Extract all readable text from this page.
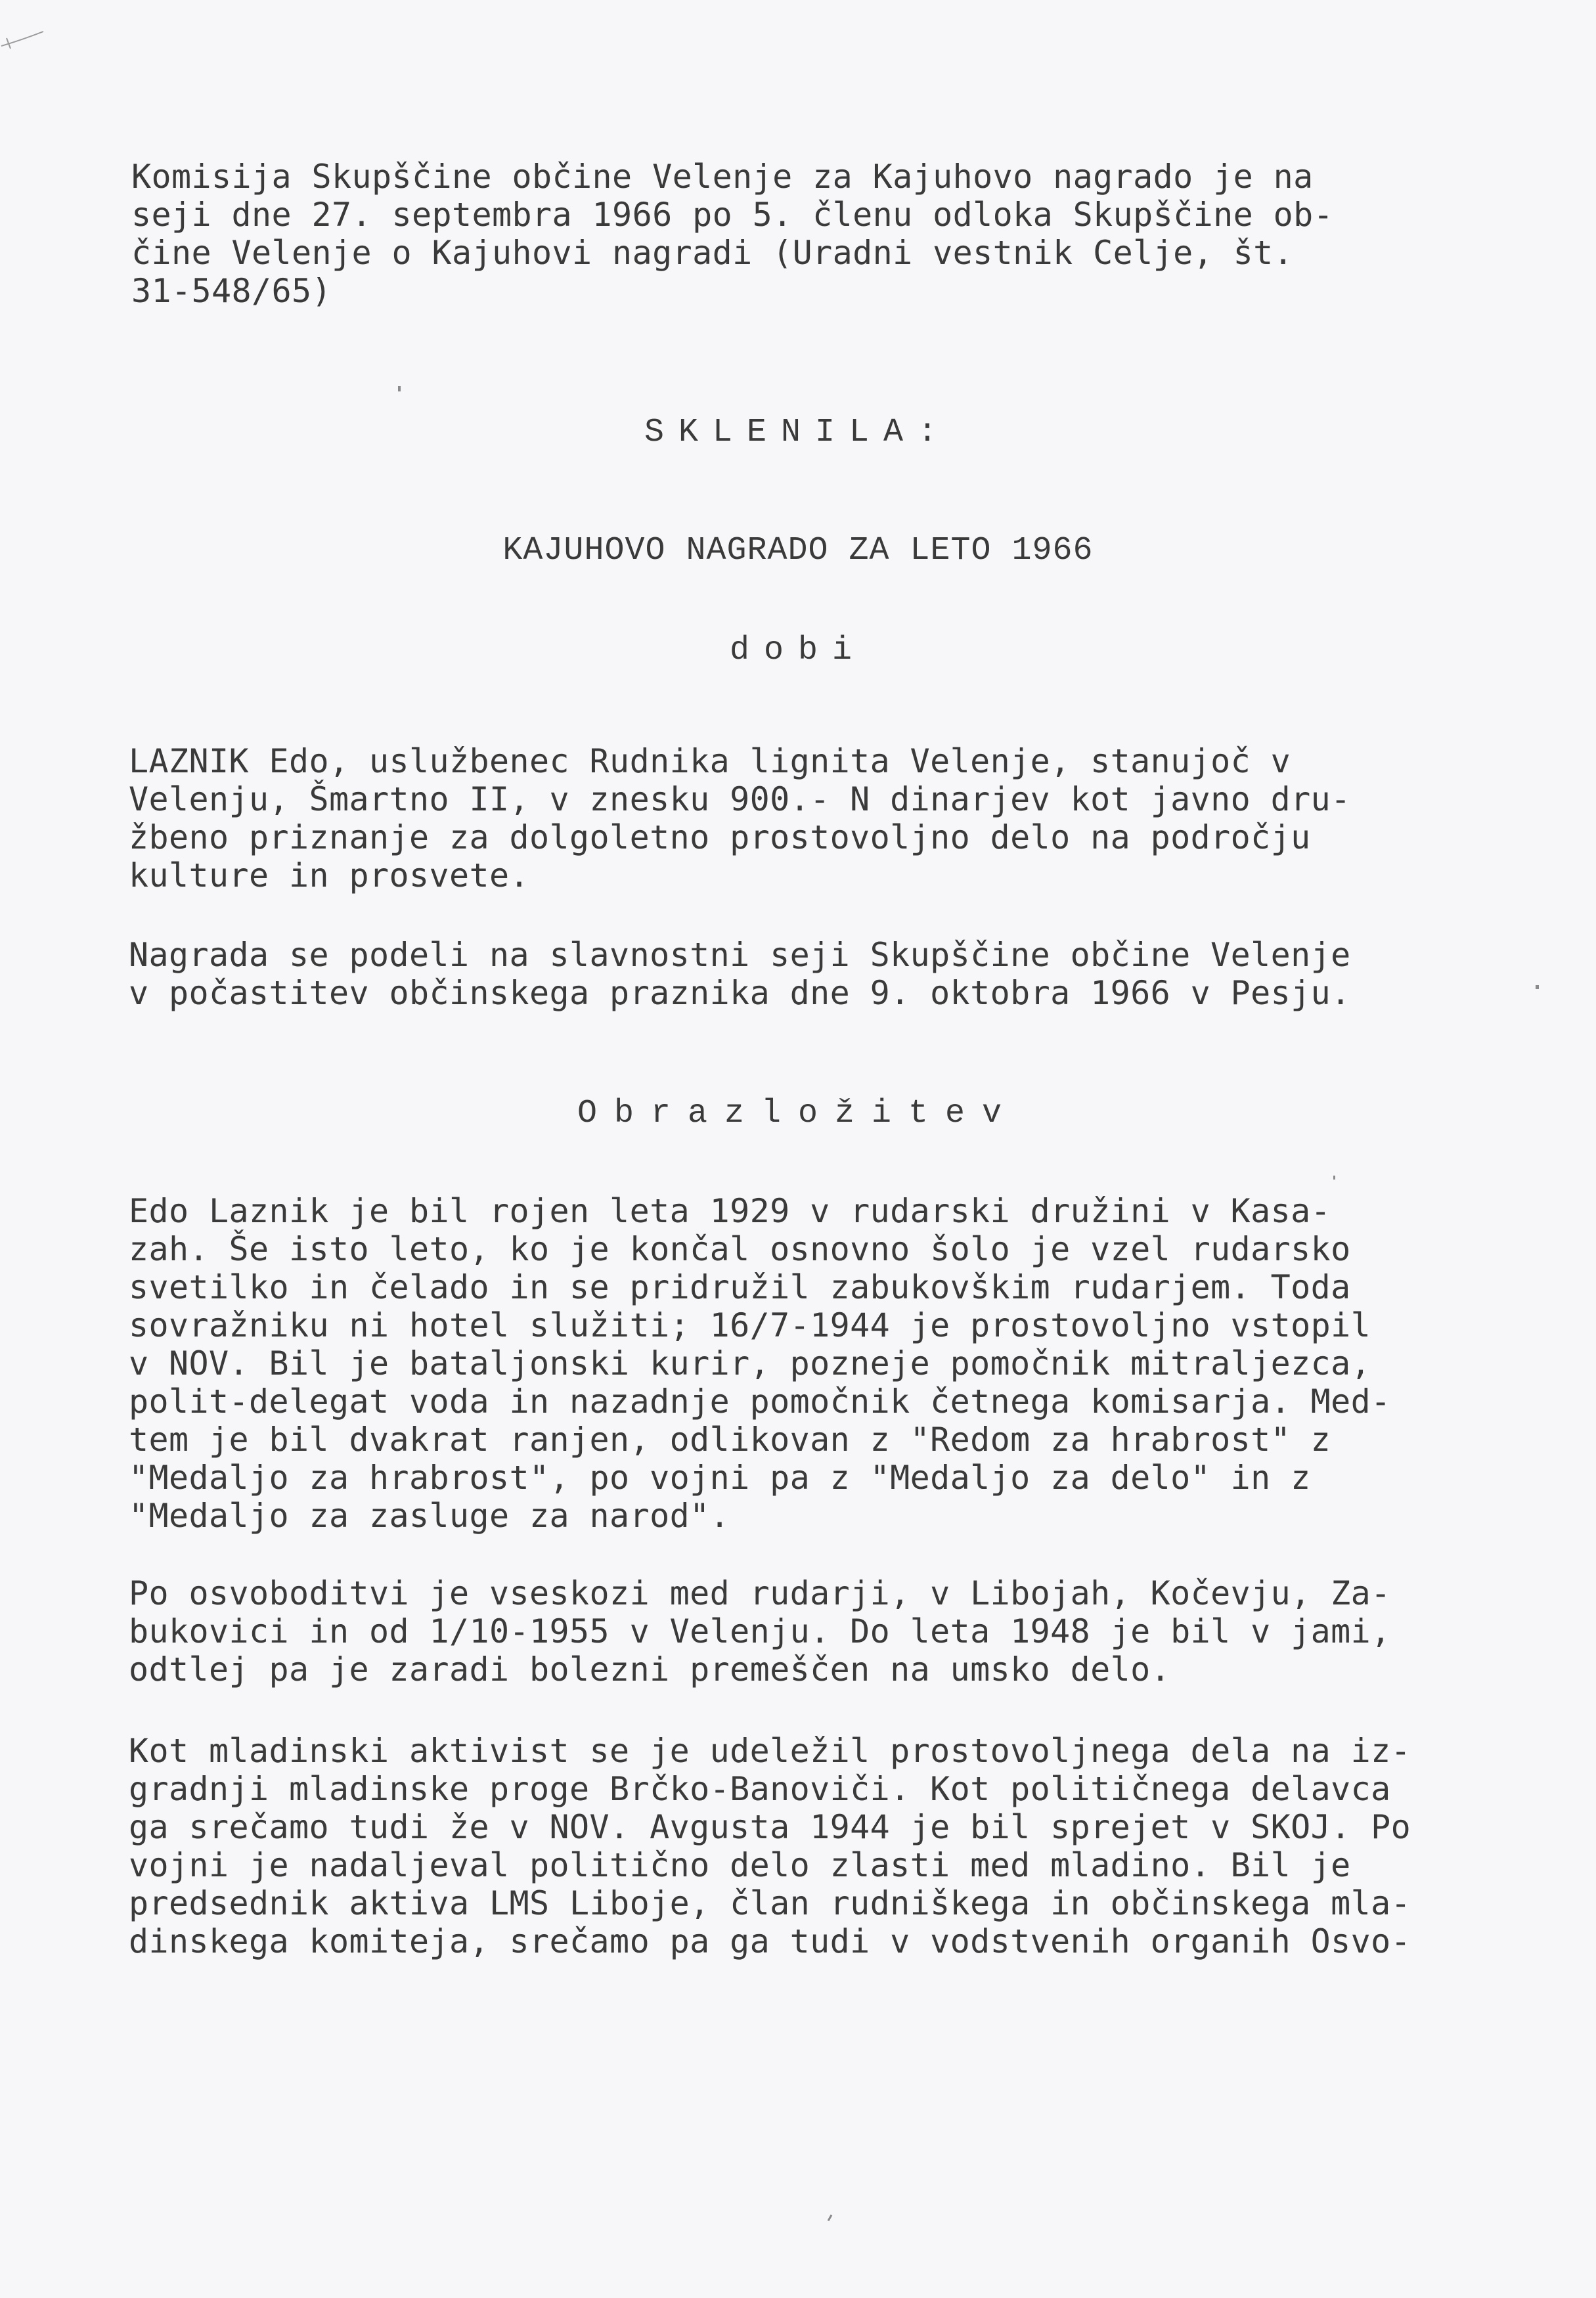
Komisija Skupščine občine Velenje za Kajuhovo nagrado je na
seji dne 27. septembra 1966 po 5. členu odloka Skupščine ob-
čine Velenje o Kajuhovi nagradi (Uradni vestnik Celje, št.
31-548/65)

SKLENILA:

KAJUHOVO NAGRADO ZA LETO 1966

dobi

LAZNIK Edo, uslužbenec Rudnika lignita Velenje, stanujoč v
Velenju, Šmartno II, v znesku 900.- N dinarjev kot javno dru-
žbeno priznanje za dolgoletno prostovoljno delo na področju
kulture in prosvete.
Nagrada se podeli na slavnostni seji Skupščine občine Velenje
v počastitev občinskega praznika dne 9. oktobra 1966 v Pesju.

Obrazložitev

Edo Laznik je bil rojen leta 1929 v rudarski družini v Kasa-
zah. Še isto leto, ko je končal osnovno šolo je vzel rudarsko
svetilko in čelado in se pridružil zabukovškim rudarjem. Toda
sovražniku ni hotel služiti; 16/7-1944 je prostovoljno vstopil
v NOV. Bil je bataljonski kurir, pozneje pomočnik mitraljezca,
polit-delegat voda in nazadnje pomočnik četnega komisarja. Med-
tem je bil dvakrat ranjen, odlikovan z "Redom za hrabrost" z
"Medaljo za hrabrost", po vojni pa z "Medaljo za delo" in z
"Medaljo za zasluge za narod".
Po osvoboditvi je vseskozi med rudarji, v Libojah, Kočevju, Za-
bukovici in od 1/10-1955 v Velenju. Do leta 1948 je bil v jami,
odtlej pa je zaradi bolezni premeščen na umsko delo.
Kot mladinski aktivist se je udeležil prostovoljnega dela na iz-
gradnji mladinske proge Brčko-Banoviči. Kot političnega delavca
ga srečamo tudi že v NOV. Avgusta 1944 je bil sprejet v SKOJ. Po
vojni je nadaljeval politično delo zlasti med mladino. Bil je
predsednik aktiva LMS Liboje, član rudniškega in občinskega mla-
dinskega komiteja, srečamo pa ga tudi v vodstvenih organih Osvo-
